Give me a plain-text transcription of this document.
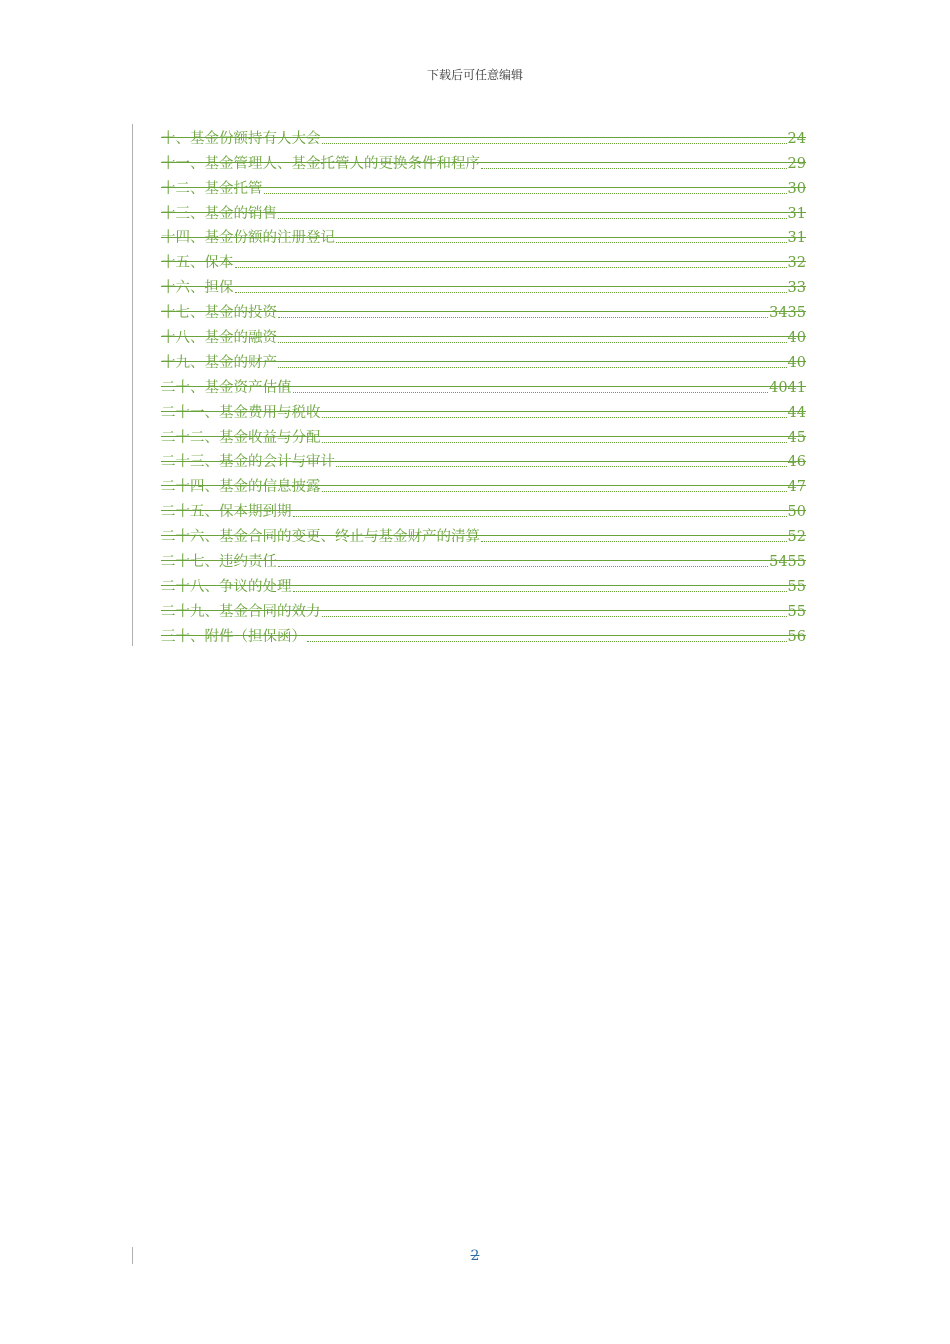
下载后可任意编辑
十、基金份额持有人大会	24
十一、基金管理人、基金托管人的更换条件和程序	29
十二、基金托管	30
十三、基金的销售	31
十四、基金份额的注册登记	31
十五、保本	32
十六、担保	33
十七、基金的投资	3435
十八、基金的融资	40
十九、基金的财产	40
二十、基金资产估值	4041
二十一、基金费用与税收	44
二十二、基金收益与分配	45
二十三、基金的会计与审计	46
二十四、基金的信息披露	47
二十五、保本期到期	50
二十六、基金合同的变更、终止与基金财产的清算	52
二十七、违约责任	5455
二十八、争议的处理	55
二十九、基金合同的效力	55
三十、附件（担保函）	56
2
